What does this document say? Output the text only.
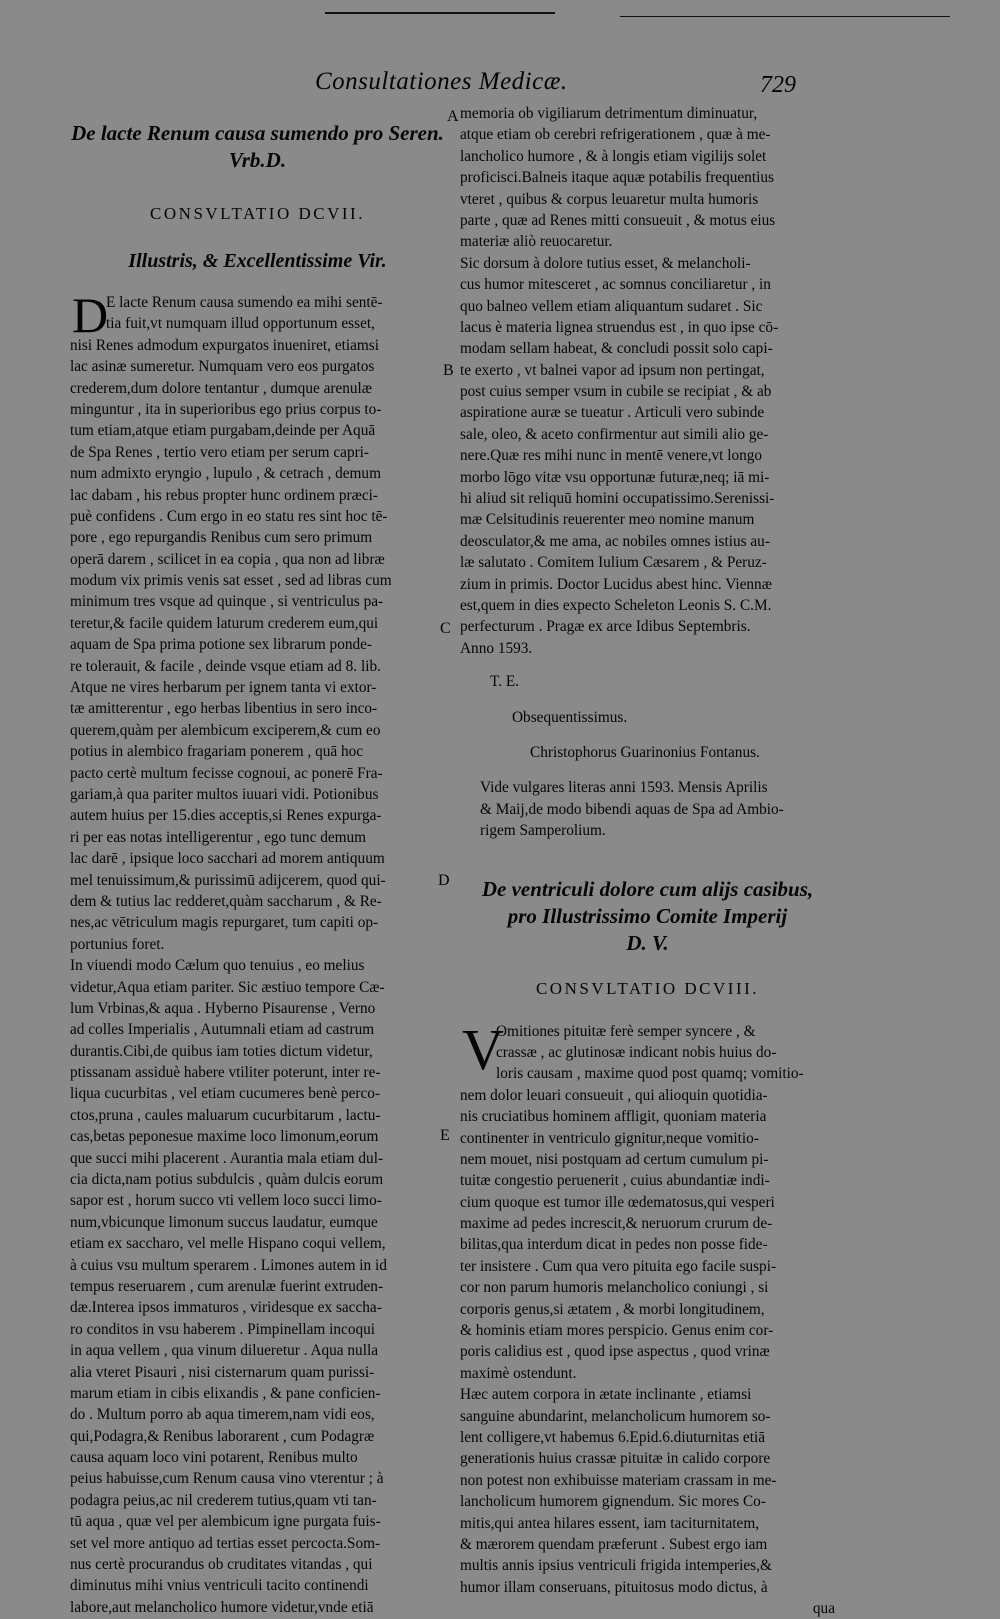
Consultationes Medicæ.	729
A
B
C
D
E
De lacte Renum causa sumendo pro Seren.
Vrb.D.
CONSVLTATIO DCVII.
Illustris, & Excellentissime Vir.
D
E lacte Renum causa sumendo ea mihi sentē-
tia fuit,vt numquam illud opportunum esset,
nisi Renes admodum expurgatos inueniret, etiamsi
lac asinæ sumeretur. Numquam vero eos purgatos
crederem,dum dolore tentantur , dumque arenulæ
minguntur , ita in superioribus ego prius corpus to-
tum etiam,atque etiam purgabam,deinde per Aquā
de Spa Renes , tertio vero etiam per serum capri-
num admixto eryngio , lupulo , & cetrach , demum
lac dabam , his rebus propter hunc ordinem præci-
puè confidens . Cum ergo in eo statu res sint hoc tē-
pore , ego repurgandis Renibus cum sero primum
operā darem , scilicet in ea copia , qua non ad libræ
modum vix primis venis sat esset , sed ad libras cum
minimum tres vsque ad quinque , si ventriculus pa-
teretur,& facile quidem laturum crederem eum,qui
aquam de Spa prima potione sex librarum ponde-
re tolerauit, & facile , deinde vsque etiam ad 8. lib.
Atque ne vires herbarum per ignem tanta vi extor-
tæ amitterentur , ego herbas libentius in sero inco-
querem,quàm per alembicum exciperem,& cum eo
potius in alembico fragariam ponerem , quā hoc
pacto certè multum fecisse cognoui, ac ponerē Fra-
gariam,à qua pariter multos iuuari vidi. Potionibus
autem huius per 15.dies acceptis,si Renes expurga-
ri per eas notas intelligerentur , ego tunc demum
lac darē , ipsique loco sacchari ad morem antiquum
mel tenuissimum,& purissimū adijcerem, quod qui-
dem & tutius lac redderet,quàm saccharum , & Re-
nes,ac vētriculum magis repurgaret, tum capiti op-
portunius foret.
In viuendi modo Cælum quo tenuius , eo melius
videtur,Aqua etiam pariter. Sic æstiuo tempore Cæ-
lum Vrbinas,& aqua . Hyberno Pisaurense , Verno
ad colles Imperialis , Autumnali etiam ad castrum
durantis.Cibi,de quibus iam toties dictum videtur,
ptissanam assiduè habere vtiliter poterunt, inter re-
liqua cucurbitas , vel etiam cucumeres benè perco-
ctos,pruna , caules maluarum cucurbitarum , lactu-
cas,betas peponesue maxime loco limonum,eorum
que succi mihi placerent . Aurantia mala etiam dul-
cia dicta,nam potius subdulcis , quàm dulcis eorum
sapor est , horum succo vti vellem loco succi limo-
num,vbicunque limonum succus laudatur, eumque
etiam ex saccharo, vel melle Hispano coqui vellem,
à cuius vsu multum sperarem . Limones autem in id
tempus reseruarem , cum arenulæ fuerint extruden-
dæ.Interea ipsos immaturos , viridesque ex saccha-
ro conditos in vsu haberem . Pimpinellam incoqui
in aqua vellem , qua vinum dilueretur . Aqua nulla
alia vteret Pisauri , nisi cisternarum quam purissi-
marum etiam in cibis elixandis , & pane conficien-
do . Multum porro ab aqua timerem,nam vidi eos,
qui,Podagra,& Renibus laborarent , cum Podagræ
causa aquam loco vini potarent, Renibus multo
peius habuisse,cum Renum causa vino vterentur ; à
podagra peius,ac nil crederem tutius,quam vti tan-
tū aqua , quæ vel per alembicum igne purgata fuis-
set vel more antiquo ad tertias esset percocta.Som-
nus certè procurandus ob cruditates vitandas , qui
diminutus mihi vnius ventriculi tacito continendi
labore,aut melancholico humore videtur,vnde etiā
memoria ob vigiliarum detrimentum diminuatur,
atque etiam ob cerebri refrigerationem , quæ à me-
lancholico humore , & à longis etiam vigilijs solet
proficisci.Balneis itaque aquæ potabilis frequentius
vteret , quibus & corpus leuaretur multa humoris
parte , quæ ad Renes mitti consueuit , & motus eius
materiæ aliò reuocaretur.
Sic dorsum à dolore tutius esset, & melancholi-
cus humor mitesceret , ac somnus conciliaretur , in
quo balneo vellem etiam aliquantum sudaret . Sic
lacus è materia lignea struendus est , in quo ipse cō-
modam sellam habeat, & concludi possit solo capi-
te exerto , vt balnei vapor ad ipsum non pertingat,
post cuius semper vsum in cubile se recipiat , & ab
aspiratione auræ se tueatur . Articuli vero subinde
sale, oleo, & aceto confirmentur aut simili alio ge-
nere.Quæ res mihi nunc in mentē venere,vt longo
morbo lōgo vitæ vsu opportunæ futuræ,neq; iā mi-
hi aliud sit reliquū homini occupatissimo.Serenissi-
mæ Celsitudinis reuerenter meo nomine manum
deosculator,& me ama, ac nobiles omnes istius au-
læ salutato . Comitem Iulium Cæsarem , & Peruz-
zium in primis. Doctor Lucidus abest hinc. Viennæ
est,quem in dies expecto Scheleton Leonis S. C.M.
perfecturum . Pragæ ex arce Idibus Septembris.
Anno 1593.
T. E.
Obsequentissimus.
Christophorus Guarinonius Fontanus.
Vide vulgares literas anni 1593. Mensis Aprilis
& Maij,de modo bibendi aquas de Spa ad Ambio-
rigem Samperolium.
De ventriculi dolore cum alijs casibus,
pro Illustrissimo Comite Imperij
D. V.
CONSVLTATIO DCVIII.
V
Omitiones pituitæ ferè semper syncere , &
crassæ , ac glutinosæ indicant nobis huius do-
loris causam , maxime quod post quamq; vomitio-
nem dolor leuari consueuit , qui alioquin quotidia-
nis cruciatibus hominem affligit, quoniam materia
continenter in ventriculo gignitur,neque vomitio-
nem mouet, nisi postquam ad certum cumulum pi-
tuitæ congestio peruenerit , cuius abundantiæ indi-
cium quoque est tumor ille œdematosus,qui vesperi
maxime ad pedes increscit,& neruorum crurum de-
bilitas,qua interdum dicat in pedes non posse fide-
ter insistere . Cum qua vero pituita ego facile suspi-
cor non parum humoris melancholico coniungi , si
corporis genus,si ætatem , & morbi longitudinem,
& hominis etiam mores perspicio. Genus enim cor-
poris calidius est , quod ipse aspectus , quod vrinæ
maximè ostendunt.
Hæc autem corpora in ætate inclinante , etiamsi
sanguine abundarint, melancholicum humorem so-
lent colligere,vt habemus 6.Epid.6.diuturnitas etiā
generationis huius crassæ pituitæ in calido corpore
non potest non exhibuisse materiam crassam in me-
lancholicum humorem gignendum. Sic mores Co-
mitis,qui antea hilares essent, iam taciturnitatem,
& mærorem quendam præferunt . Subest ergo iam
multis annis ipsius ventriculi frigida intemperies,&
humor illam conseruans, pituitosus modo dictus, à
qua
